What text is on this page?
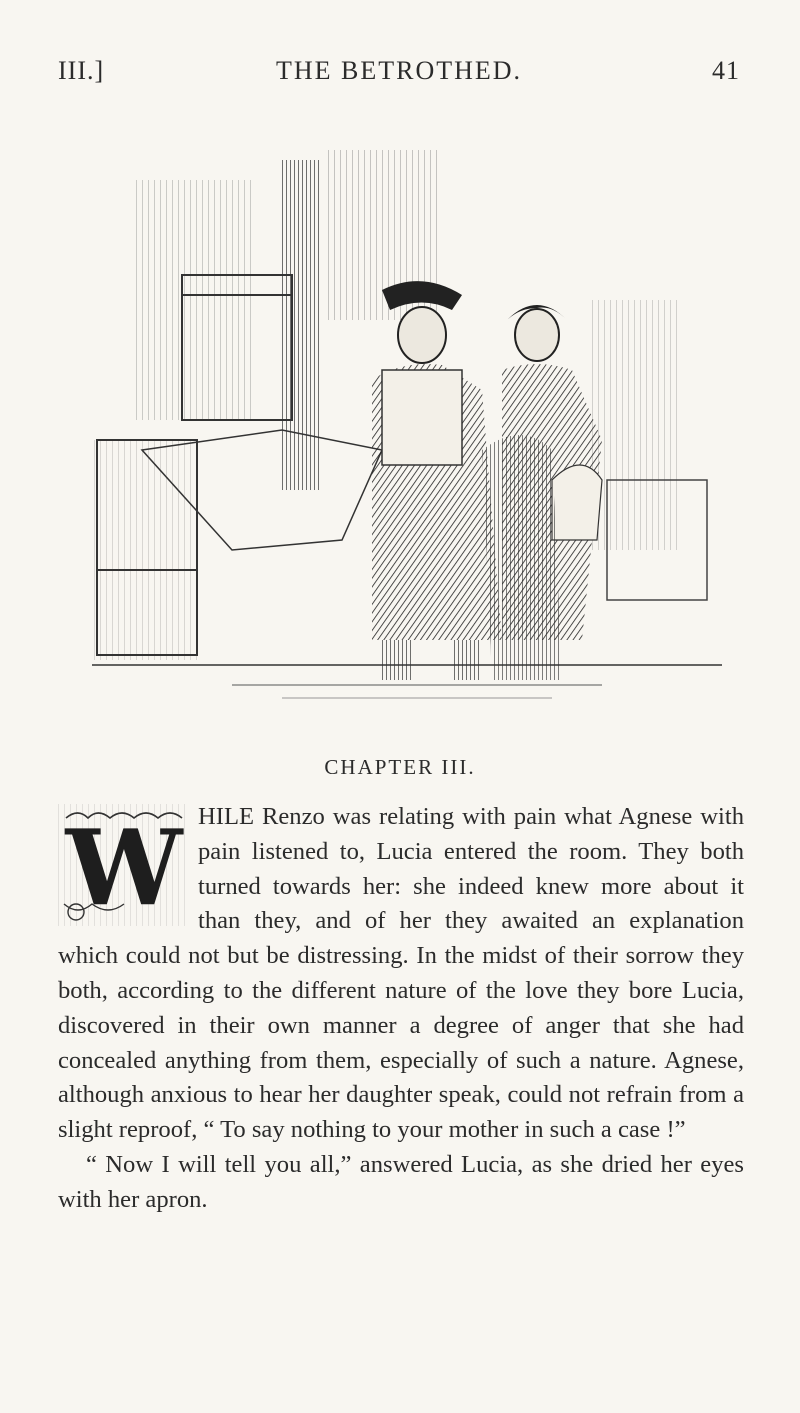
III.]	THE BETROTHED.	41
CHAPTER III.
W HILE Renzo was relating with pain what Agnese with pain listened to, Lucia entered the room. They both turned towards her: she indeed knew more about it than they, and of her they awaited an explanation which could not but be distressing. In the midst of their sorrow they both, according to the different nature of the love they bore Lucia, discovered in their own manner a degree of anger that she had concealed anything from them, especially of such a nature. Agnese, although anxious to hear her daughter speak, could not refrain from a slight reproof, “ To say nothing to your mother in such a case !”

“ Now I will tell you all,” answered Lucia, as she dried her eyes with her apron.
